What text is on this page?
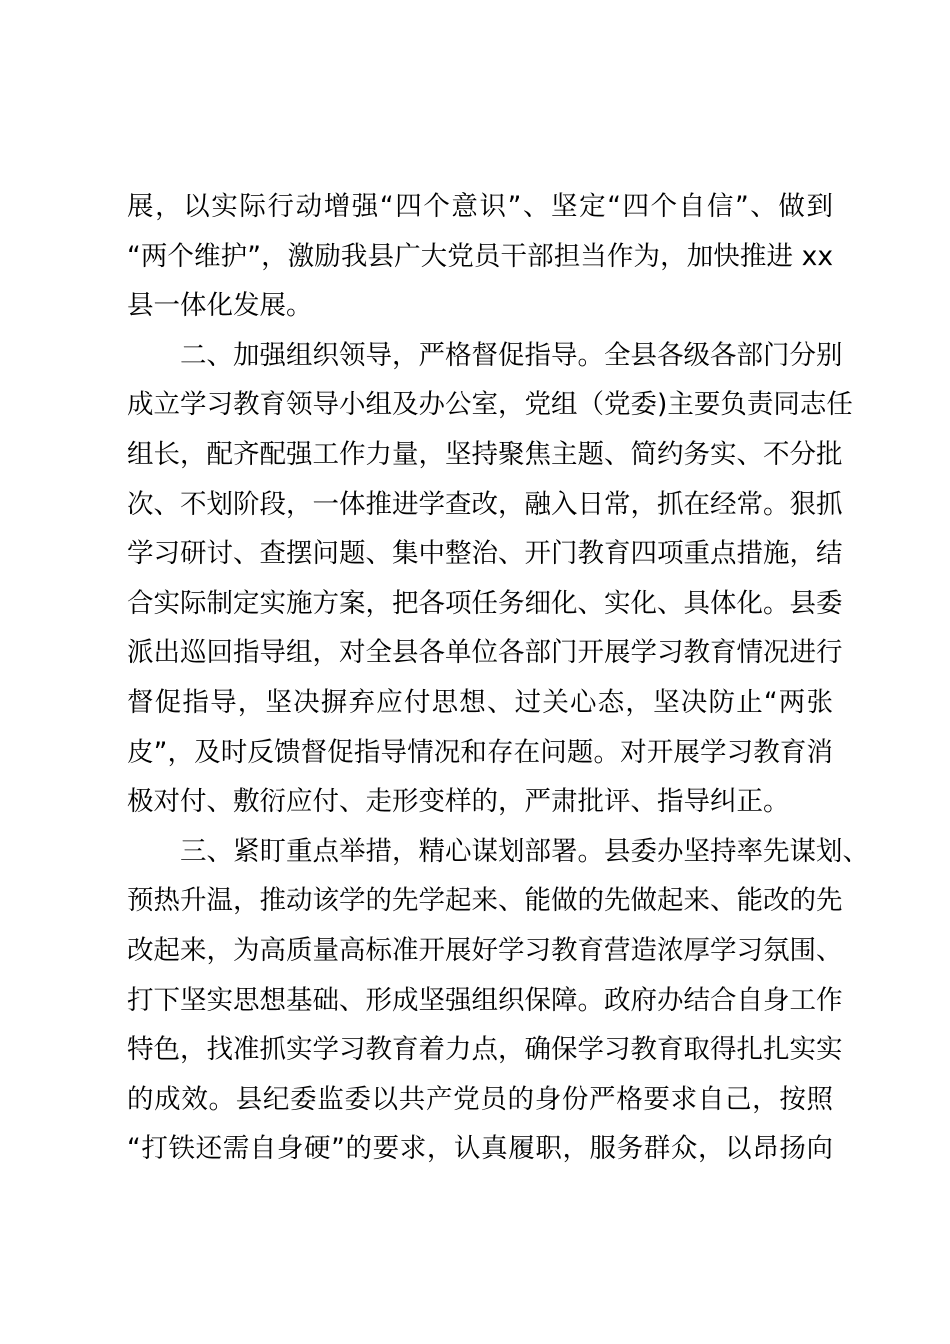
展，以实际行动增强“四个意识”、坚定“四个自信”、做到
“两个维护”，激励我县广大党员干部担当作为，加快推进 xx
县一体化发展。
　　二、加强组织领导，严格督促指导。全县各级各部门分别
成立学习教育领导小组及办公室，党组（党委)主要负责同志任
组长，配齐配强工作力量，坚持聚焦主题、简约务实、不分批
次、不划阶段，一体推进学查改，融入日常，抓在经常。狠抓
学习研讨、查摆问题、集中整治、开门教育四项重点措施，结
合实际制定实施方案，把各项任务细化、实化、具体化。县委
派出巡回指导组，对全县各单位各部门开展学习教育情况进行
督促指导，坚决摒弃应付思想、过关心态，坚决防止“两张
皮”，及时反馈督促指导情况和存在问题。对开展学习教育消
极对付、敷衍应付、走形变样的，严肃批评、指导纠正。
　　三、紧盯重点举措，精心谋划部署。县委办坚持率先谋划、
预热升温，推动该学的先学起来、能做的先做起来、能改的先
改起来，为高质量高标准开展好学习教育营造浓厚学习氛围、
打下坚实思想基础、形成坚强组织保障。政府办结合自身工作
特色，找准抓实学习教育着力点，确保学习教育取得扎扎实实
的成效。县纪委监委以共产党员的身份严格要求自己，按照
“打铁还需自身硬”的要求，认真履职，服务群众，以昂扬向
